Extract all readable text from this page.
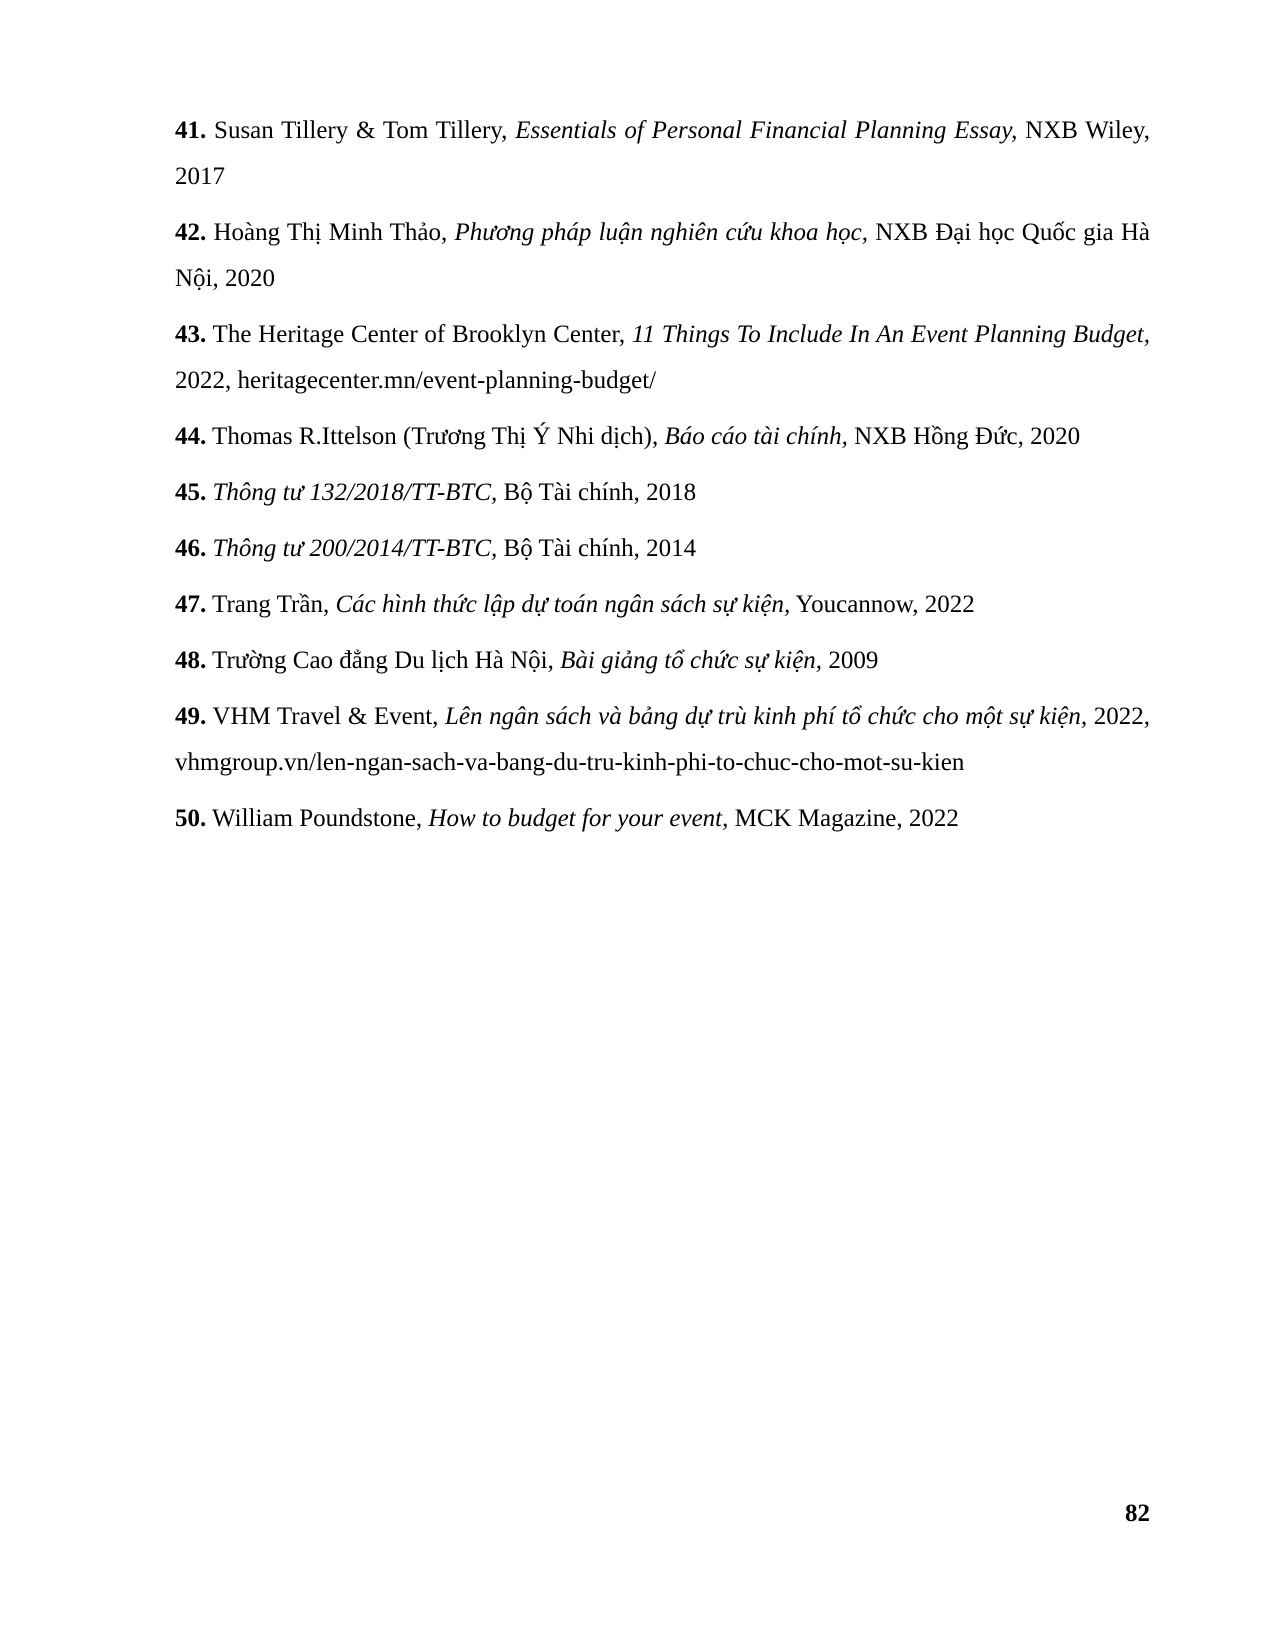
41. Susan Tillery & Tom Tillery, Essentials of Personal Financial Planning Essay, NXB Wiley, 2017

42. Hoàng Thị Minh Thảo, Phương pháp luận nghiên cứu khoa học, NXB Đại học Quốc gia Hà Nội, 2020

43. The Heritage Center of Brooklyn Center, 11 Things To Include In An Event Planning Budget, 2022, heritagecenter.mn/event-planning-budget/

44. Thomas R.Ittelson (Trương Thị Ý Nhi dịch), Báo cáo tài chính, NXB Hồng Đức, 2020

45. Thông tư 132/2018/TT-BTC, Bộ Tài chính, 2018

46. Thông tư 200/2014/TT-BTC, Bộ Tài chính, 2014

47. Trang Trần, Các hình thức lập dự toán ngân sách sự kiện, Youcannow, 2022

48. Trường Cao đẳng Du lịch Hà Nội, Bài giảng tổ chức sự kiện, 2009

49. VHM Travel & Event, Lên ngân sách và bảng dự trù kinh phí tổ chức cho một sự kiện, 2022, vhmgroup.vn/len-ngan-sach-va-bang-du-tru-kinh-phi-to-chuc-cho-mot-su-kien

50. William Poundstone, How to budget for your event, MCK Magazine, 2022

82
